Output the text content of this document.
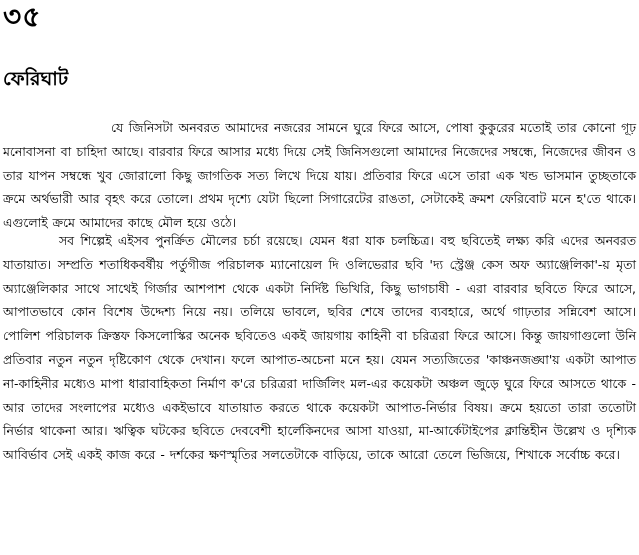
৩৫
ফেরিঘাট

যে জিনিসটা অনবরত আমাদের নজরের সামনে ঘুরে ফিরে আসে, পোষা কুকুরের মতোই তার কোনো গূঢ় মনোবাসনা বা চাহিদা আছে। বারবার ফিরে আসার মধ্যে দিয়ে সেই জিনিসগুলো আমাদের নিজেদের সম্বন্ধে, নিজেদের জীবন ও তার যাপন সম্বন্ধে খুব জোরালো কিছু জাগতিক সত্য লিখে দিয়ে যায়। প্রতিবার ফিরে এসে তারা এক খন্ড ভাসমান তুচ্ছতাকে ক্রমে অর্থভারী আর বৃহৎ করে তোলে। প্রথম দৃশ্যে যেটা ছিলো সিগারেটের রাঙতা, সেটাকেই ক্রমশ ফেরিবোট মনে হ'তে থাকে। এগুলোই ক্রমে আমাদের কাছে মৌল হয়ে ওঠে।

সব শিল্পেই এইসব পুনর্ক্রিত মৌলের চর্চা রয়েছে। যেমন ধরা যাক চলচ্চিত্র। বহু ছবিতেই লক্ষ্য করি এদের অনবরত যাতায়াত। সম্প্রতি শতাধিকবর্ষীয় পর্তুগীজ পরিচালক ম্যানোয়েল দি ওলিভেরার ছবি 'দ্য স্ট্রেঞ্জ কেস অফ অ্যাঞ্জেলিকা'-য় মৃতা অ্যাঞ্জেলিকার সাথে সাথেই গির্জার আশপাশ থেকে একটা নির্দিষ্ট ভিখিরি, কিছু ভাগচাষী - এরা বারবার ছবিতে ফিরে আসে, আপাতভাবে কোন বিশেষ উদ্দেশ্য নিয়ে নয়। তলিয়ে ভাবলে, ছবির শেষে তাদের ব্যবহারে, অর্থে গাঢ়তার সন্নিবেশ আসে। পোলিশ পরিচালক ক্রিস্তফ কিসলোস্কির অনেক ছবিতেও একই জায়গায় কাহিনী বা চরিত্ররা ফিরে আসে। কিন্তু জায়গাগুলো উনি প্রতিবার নতুন নতুন দৃষ্টিকোণ থেকে দেখান। ফলে আপাত-অচেনা মনে হয়। যেমন সত্যজিতের 'কাঞ্চনজঙ্ঘা'য় একটা আপাত না-কাহিনীর মধ্যেও মাপা ধারাবাহিকতা নির্মাণ ক'রে চরিত্ররা দার্জিলিং মল-এর কয়েকটা অঞ্চল জুড়ে ঘুরে ফিরে আসতে থাকে - আর তাদের সংলাপের মধ্যেও একইভাবে যাতায়াত করতে থাকে কয়েকটা আপাত-নির্ভার বিষয়। ক্রমে হয়তো তারা ততোটা নির্ভার থাকেনা আর। ঋত্বিক ঘটকের ছবিতে দেববেশী হার্লেকিনদের আসা যাওয়া, মা-আর্কেটাইপের ক্লান্তিহীন উল্লেখ ও দৃশ্যিক আবির্ভাব সেই একই কাজ করে - দর্শকের ক্ষণস্মৃতির সলতেটাকে বাড়িয়ে, তাকে আরো তেলে ভিজিয়ে, শিখাকে সর্বোচ্চ করে।
